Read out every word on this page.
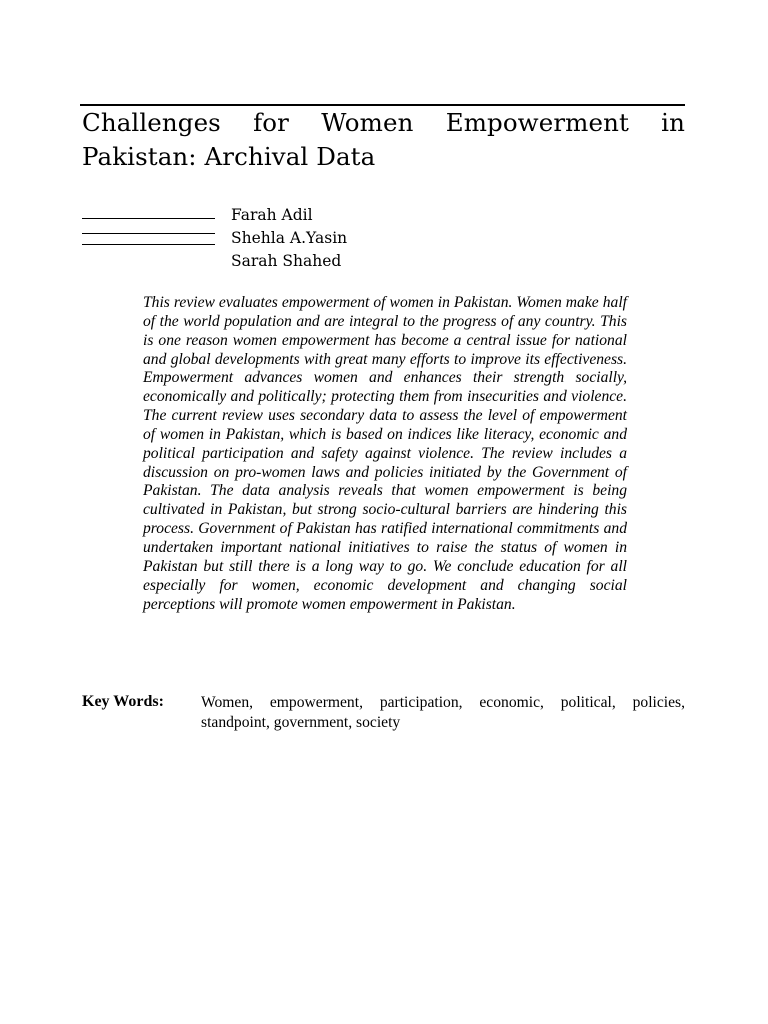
Challenges for Women Empowerment in Pakistan: Archival Data
Farah Adil
Shehla A.Yasin
Sarah Shahed

This review evaluates empowerment of women in Pakistan. Women make half of the world population and are integral to the progress of any country. This is one reason women empowerment has become a central issue for national and global developments with great many efforts to improve its effectiveness. Empowerment advances women and enhances their strength socially, economically and politically; protecting them from insecurities and violence. The current review uses secondary data to assess the level of empowerment of women in Pakistan, which is based on indices like literacy, economic and political participation and safety against violence. The review includes a discussion on pro-women laws and policies initiated by the Government of Pakistan. The data analysis reveals that women empowerment is being cultivated in Pakistan, but strong socio-cultural barriers are hindering this process. Government of Pakistan has ratified international commitments and undertaken important national initiatives to raise the status of women in Pakistan but still there is a long way to go. We conclude education for all especially for women, economic development and changing social perceptions will promote women empowerment in Pakistan.

Key Words: Women, empowerment, participation, economic, political, policies, standpoint, government, society
